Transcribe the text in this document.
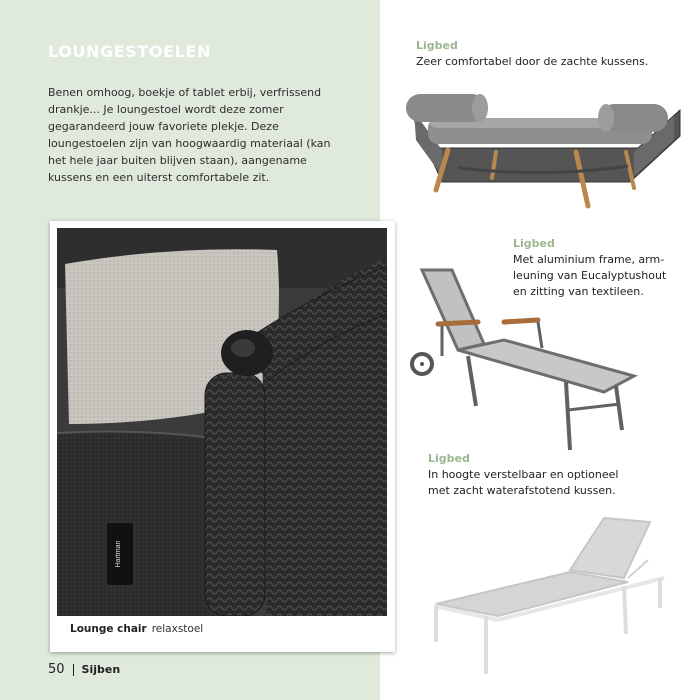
LOUNGESTOELEN

Benen omhoog, boekje of tablet erbij, verfrissend drankje... Je loungestoel wordt deze zomer gegarandeerd jouw favoriete plekje. Deze loungestoelen zijn van hoogwaardig materiaal (kan het hele jaar buiten blijven staan), aangename kussens en een uiterst comfortabele zit.

Hartman
Lounge chair relaxstoel
50 Sijben
Ligbed
Zeer comfortabel door de zachte kussens.
Ligbed
Met aluminium frame, arm-
leuning van Eucalyptushout
en zitting van textileen.
Ligbed
In hoogte verstelbaar en optioneel
met zacht waterafstotend kussen.
